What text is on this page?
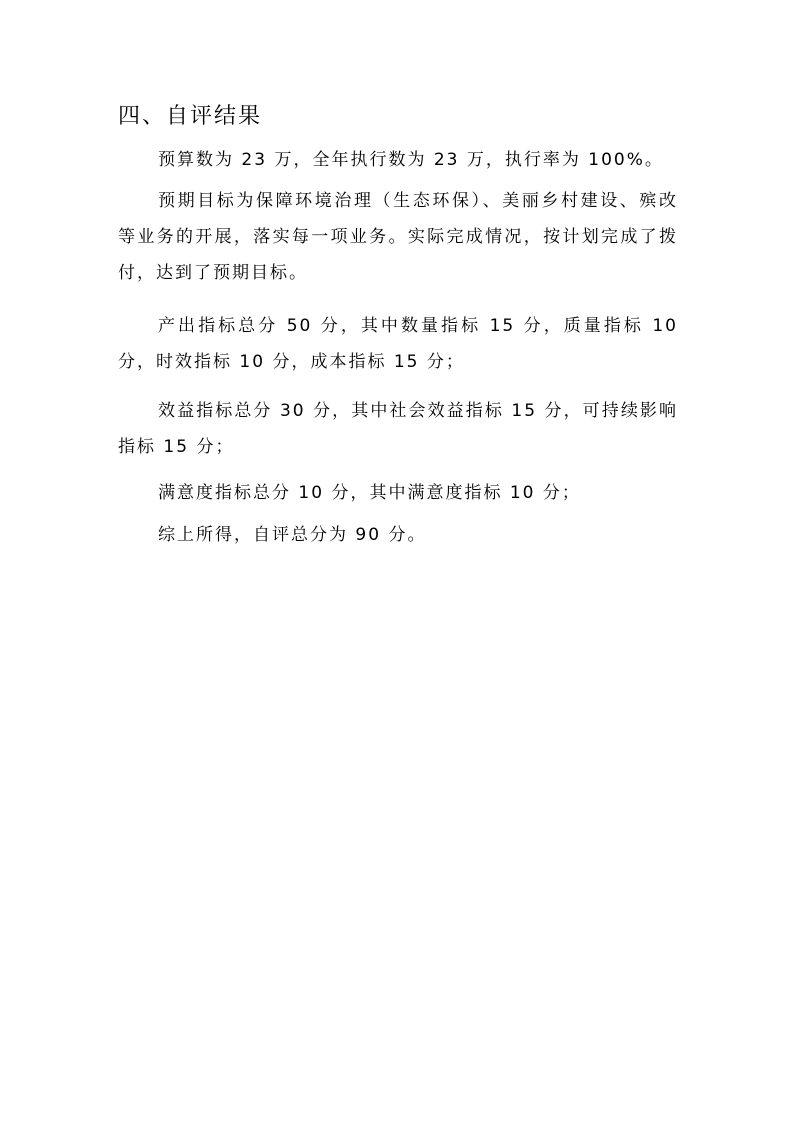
四、自评结果
预算数为 23 万，全年执行数为 23 万，执行率为 100%。
预期目标为保障环境治理（生态环保）、美丽乡村建设、殡改等业务的开展，落实每一项业务。实际完成情况，按计划完成了拨付，达到了预期目标。
产出指标总分 50 分，其中数量指标 15 分，质量指标 10 分，时效指标 10 分，成本指标 15 分；
效益指标总分 30 分，其中社会效益指标 15 分，可持续影响指标 15 分；
满意度指标总分 10 分，其中满意度指标 10 分；
综上所得，自评总分为 90 分。
